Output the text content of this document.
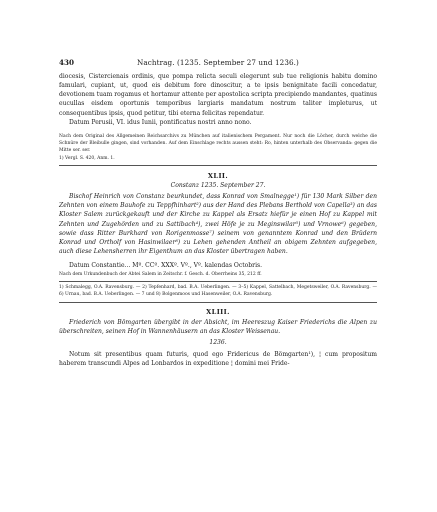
430	Nachtrag. (1235. September 27 und 1236.)
diocesis, Cistercienais ordinis, que pompa relicta seculi elegerunt sub tue religionis habitu domino famulari, cupiant, ut, quod eis debitum fore dinoscitur, a te ipsis benignitate facili concedatur, devotionem tuam rogamus et hortamur attente per apostolica scripta precipiendo mandantes, quatinus eucullas eisdem oportunis temporibus largiaris mandatum nostrum taliter impleturus, ut consequentibus ipsis, quod petitur, tibi eterna felicitas rependatur.
Datum Perusii, VI. idus Iunii, pontificatus nostri anno nono.
Nach dem Original des Allgemeinen Reichsarchivs zu München auf italienischem Pergament. Nur noch die Löcher, durch welche die Schnüre der Bleibulle gingen, sind vorhanden. Auf dem Einschlage rechts aussen steht: Ro, hinten unterhalb des Observanda: gegen die Mitte ser. ser.
1) Vergl. S. 420, Anm. 1.
XLII.
Constanz 1235. September 27.
Bischof Heinrich von Constanz beurkundet, dass Konrad von Smalnegge¹) für 130 Mark Silber den Zehnten von einem Bauhofe zu Teppfhinhart²) aus der Hand des Plebans Berthold von Capella³) an das Kloster Salem zurückgekauft und der Kirche zu Kappel als Ersatz hiefür je einen Hof zu Kappel mit Zehnten und Zugehörden und zu Sattibach⁴), zwei Höfe je zu Meginswilar⁵) und Vrnowe⁶) gegeben, sowie dass Ritter Burkhard von Rorigenmosse⁷) seinem von genanntem Konrad und den Brüdern Konrad und Ortholf von Hasinwilaer⁸) zu Lehen gehenden Antheil an obigem Zehnten aufgegeben, auch diese Lehensherren ihr Eigenthum an das Kloster übertragen haben.
Datum Constantie... Mº. CCº. XXXº. Vº., Vº. kalendas Octobris.
Nach dem Urkundenbuch der Abtei Salem in Zeitschr. f. Gesch. d. Oberrheins 35, 212 ff.
1) Schmalegg, O.A. Ravensburg. — 2) Tepfenhard, bad. B.A. Ueberlingen. — 3–5) Kappel, Sattelbach, Megetsweiler, O.A. Ravensburg. — 6) Urnau, bad. B.A. Ueberlingen. — 7 und 8) Bolgenmoos und Hasenweiler, O.A. Ravensburg.
XLIII.
Friederich von Bömgarten übergibt in der Absicht, im Heereszug Kaiser Friederichs die Alpen zu überschreiten, seinen Hof in Wannenhäusern an das Kloster Weissenau.
1236.
Notum sit presentibus quam futuris, quod ego Fridericus de Bömgarten¹), ¦ cum propositum haberem transcundi Alpes ad Lonbardos in expeditione ¦ domini mei Fride-
